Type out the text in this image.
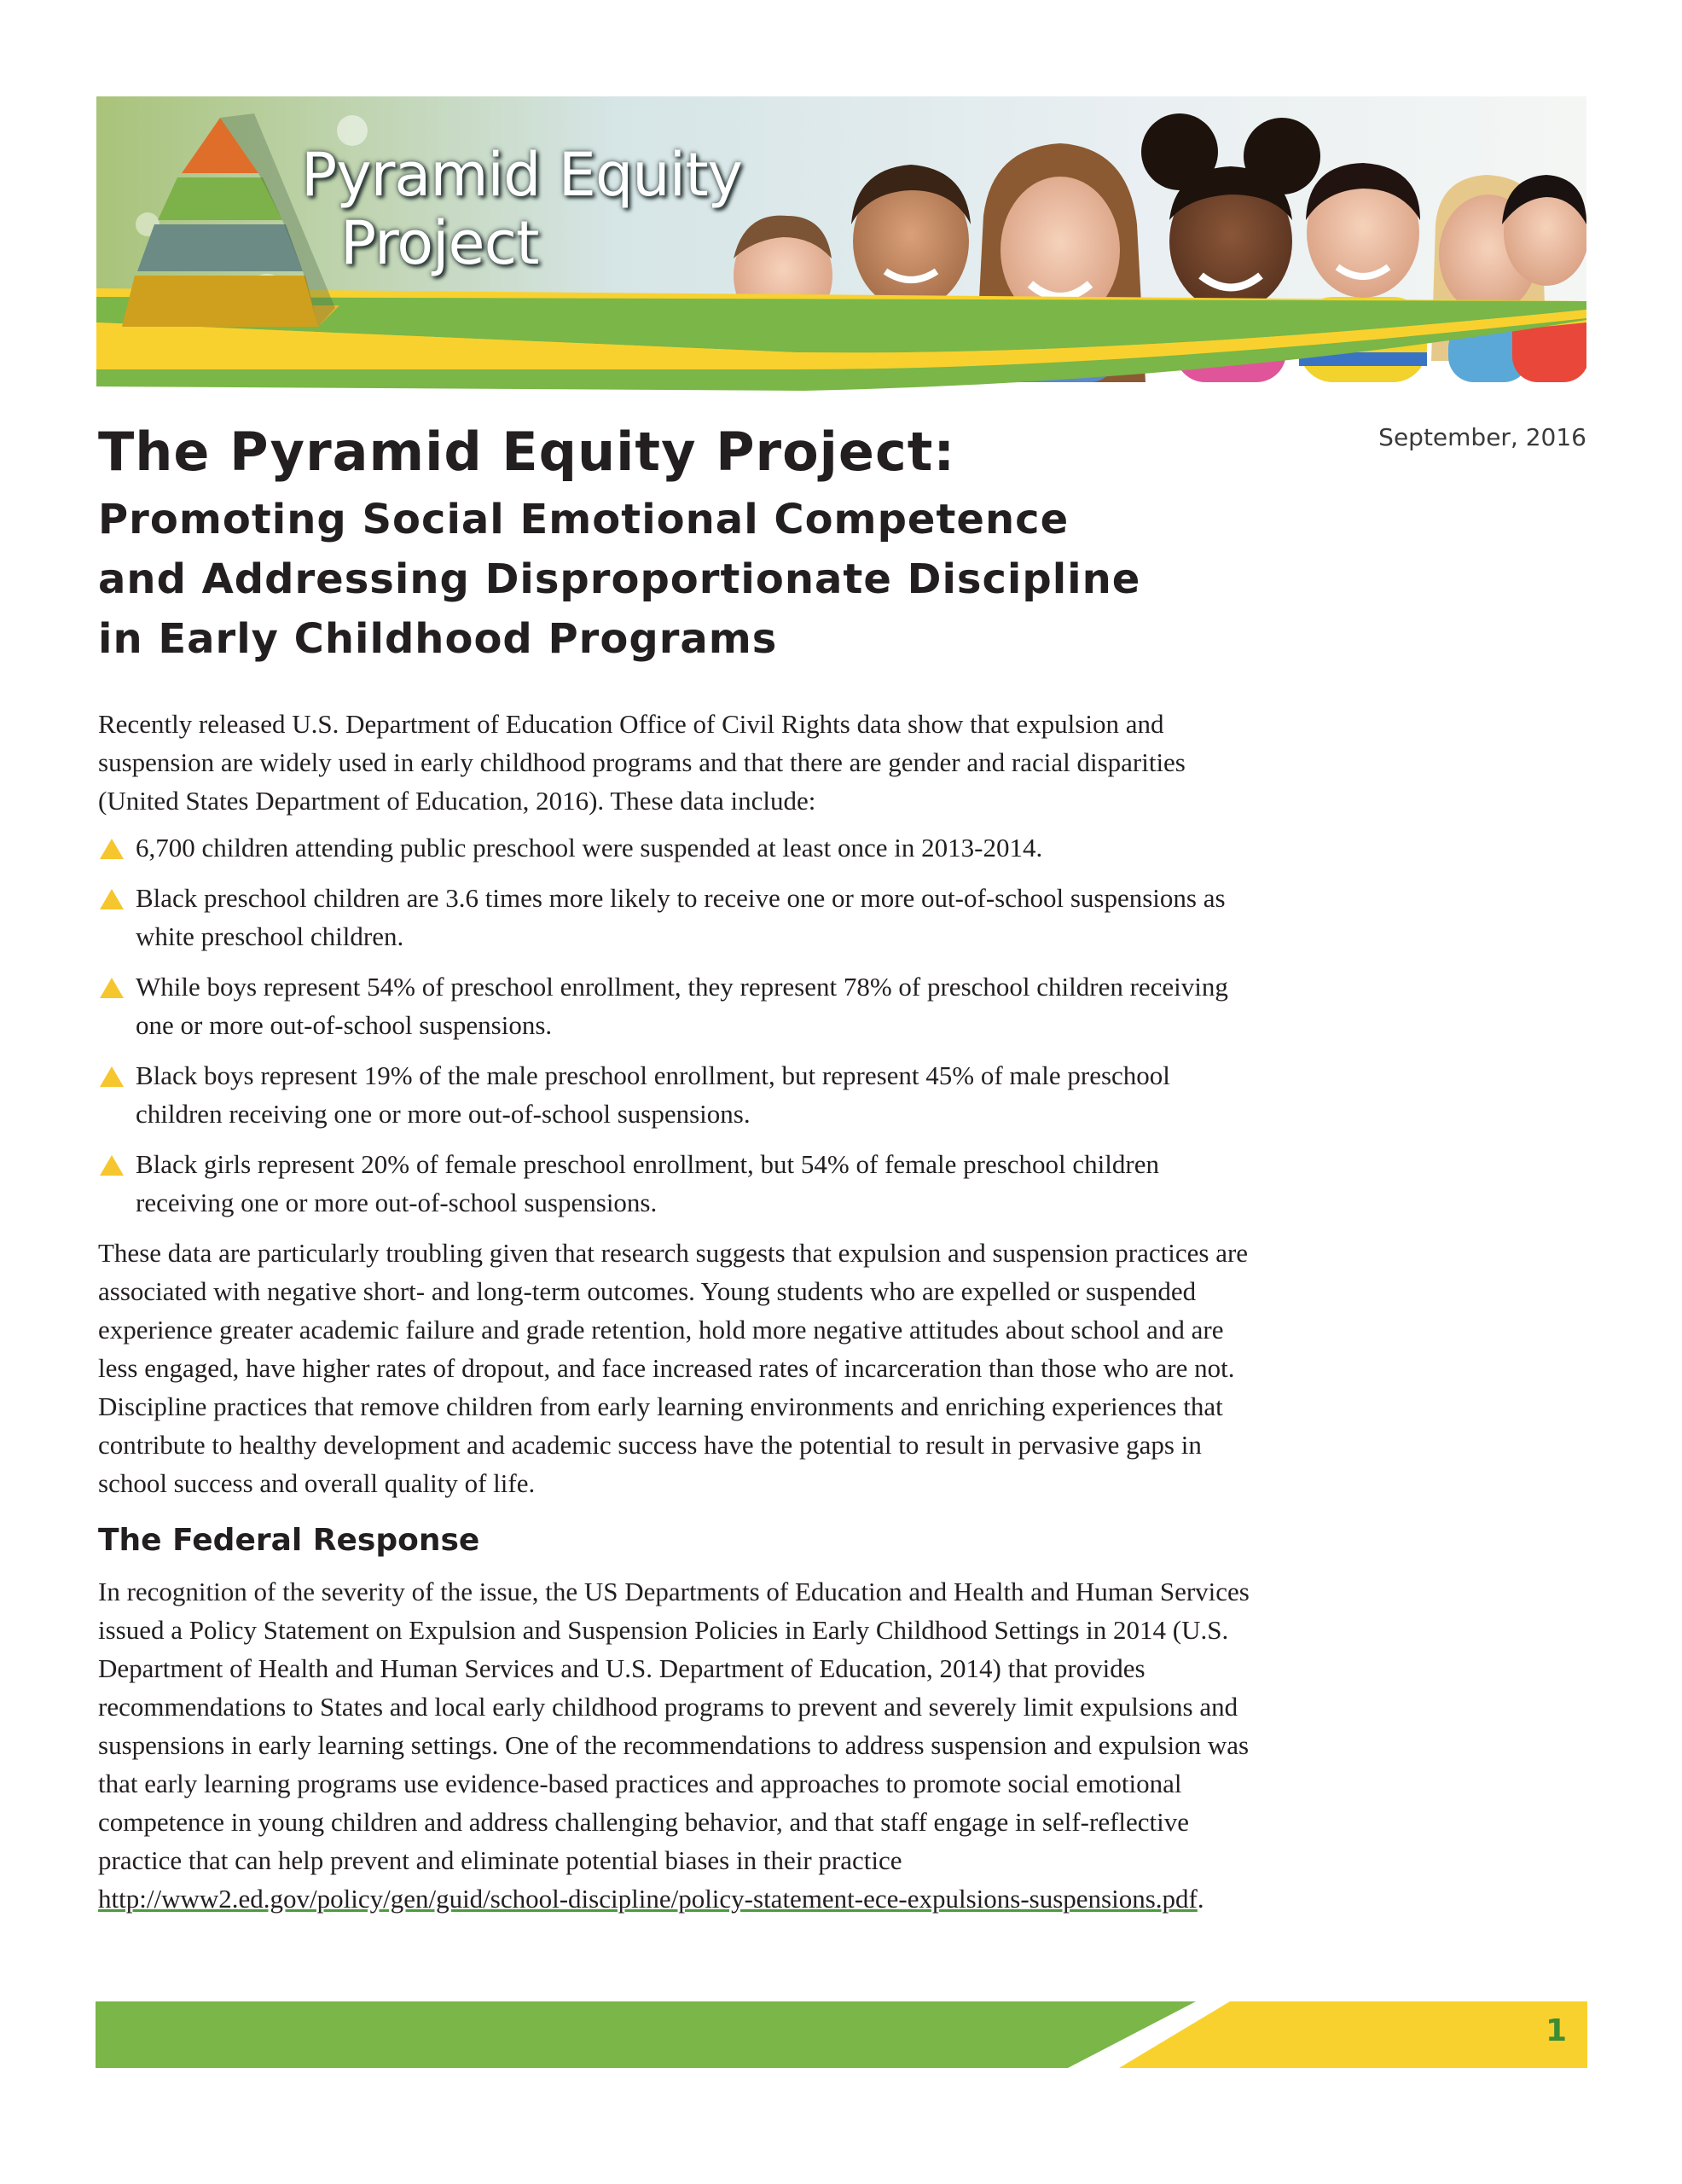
Pyramid Equity
Project
September, 2016
The Pyramid Equity Project:
Promoting Social Emotional Competence
and Addressing Disproportionate Discipline
in Early Childhood Programs

Recently released U.S. Department of Education Office of Civil Rights data show that expulsion and suspension are widely used in early childhood programs and that there are gender and racial disparities (United States Department of Education, 2016). These data include:

6,700 children attending public preschool were suspended at least once in 2013-2014.
Black preschool children are 3.6 times more likely to receive one or more out-of-school suspensions as white preschool children.
While boys represent 54% of preschool enrollment, they represent 78% of preschool children receiving one or more out-of-school suspensions.
Black boys represent 19% of the male preschool enrollment, but represent 45% of male preschool children receiving one or more out-of-school suspensions.
Black girls represent 20% of female preschool enrollment, but 54% of female preschool children receiving one or more out-of-school suspensions.

These data are particularly troubling given that research suggests that expulsion and suspension practices are associated with negative short- and long-term outcomes. Young students who are expelled or suspended experience greater academic failure and grade retention, hold more negative attitudes about school and are less engaged, have higher rates of dropout, and face increased rates of incarceration than those who are not. Discipline practices that remove children from early learning environments and enriching experiences that contribute to healthy development and academic success have the potential to result in pervasive gaps in school success and overall quality of life.

The Federal Response

In recognition of the severity of the issue, the US Departments of Education and Health and Human Services issued a Policy Statement on Expulsion and Suspension Policies in Early Childhood Settings in 2014 (U.S. Department of Health and Human Services and U.S. Department of Education, 2014) that provides recommendations to States and local early childhood programs to prevent and severely limit expulsions and suspensions in early learning settings. One of the recommendations to address suspension and expulsion was that early learning programs use evidence-based practices and approaches to promote social emotional competence in young children and address challenging behavior, and that staff engage in self-reflective practice that can help prevent and eliminate potential biases in their practice http://www2.ed.gov/policy/gen/guid/school-discipline/policy-statement-ece-expulsions-suspensions.pdf.

1
